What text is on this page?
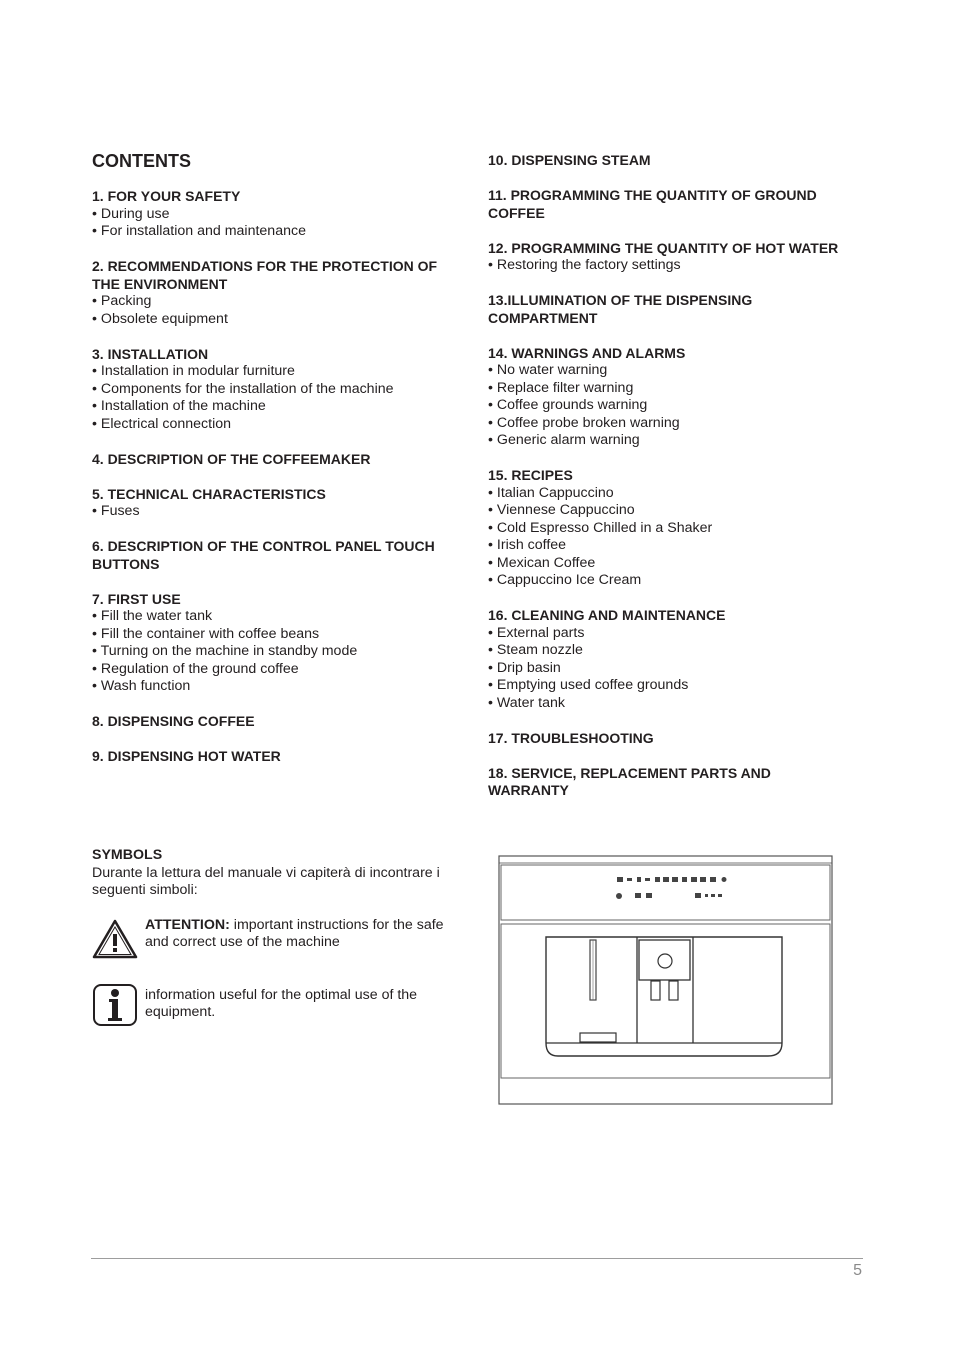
CONTENTS
1. FOR YOUR SAFETY
• During use
• For installation and maintenance
2. RECOMMENDATIONS FOR THE PROTECTION OF
THE ENVIRONMENT
• Packing
• Obsolete equipment
3. INSTALLATION
• Installation in modular furniture
• Components for the installation of the machine
• Installation of the machine
• Electrical connection
4. DESCRIPTION OF THE COFFEEMAKER
5. TECHNICAL CHARACTERISTICS
• Fuses
6. DESCRIPTION OF THE CONTROL PANEL TOUCH
BUTTONS
7. FIRST USE
• Fill the water tank
• Fill the container with coffee beans
• Turning on the machine in standby mode
• Regulation of the ground coffee
• Wash function
8. DISPENSING COFFEE
9. DISPENSING HOT WATER
10. DISPENSING STEAM
11. PROGRAMMING THE QUANTITY OF GROUND
COFFEE
12. PROGRAMMING THE QUANTITY OF HOT WATER
• Restoring the factory settings
13.ILLUMINATION OF THE DISPENSING
COMPARTMENT
14. WARNINGS AND ALARMS
• No water warning
• Replace filter warning
• Coffee grounds warning
• Coffee probe broken warning
• Generic alarm warning
15. RECIPES
• Italian Cappuccino
• Viennese Cappuccino
• Cold Espresso Chilled in a Shaker
• Irish coffee
• Mexican Coffee
• Cappuccino Ice Cream
16. CLEANING AND MAINTENANCE
• External parts
• Steam nozzle
• Drip basin
• Emptying used coffee grounds
• Water tank
17. TROUBLESHOOTING
18. SERVICE, REPLACEMENT PARTS AND
WARRANTY
SYMBOLS
Durante la lettura del manuale vi capiterà di incontrare i
seguenti simboli:
ATTENTION: important instructions for the safe
and correct use of the machine
information useful for the optimal use of the
equipment.
5
